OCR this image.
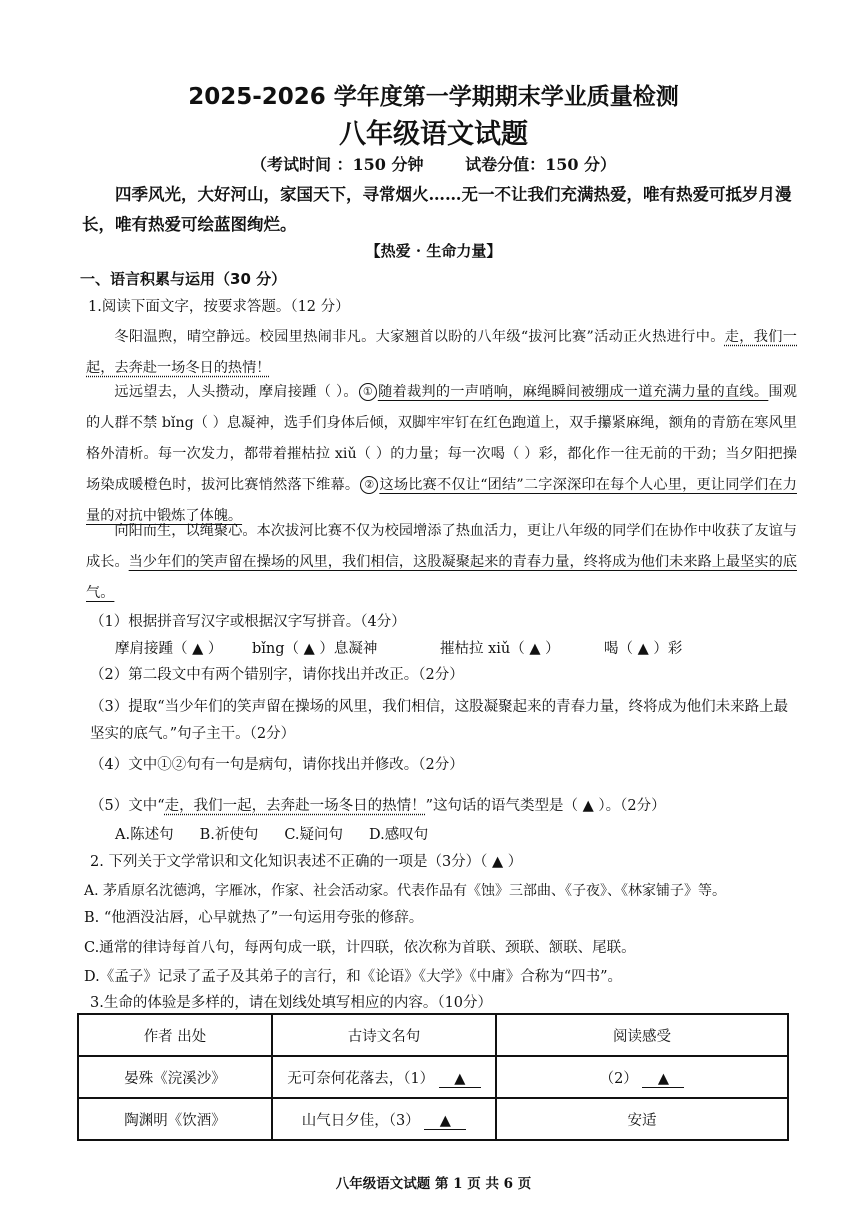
2025-2026 学年度第一学期期末学业质量检测
八年级语文试题
（考试时间 ：150 分钟	试卷分值：150 分）
四季风光，大好河山，家国天下，寻常烟火……无一不让我们充满热爱，唯有热爱可抵岁月漫长，唯有热爱可绘蓝图绚烂。
【热爱 · 生命力量】
一、语言积累与运用（30 分）
1.阅读下面文字，按要求答题。（12 分）
冬阳温煦，晴空静远。校园里热闹非凡。大家翘首以盼的八年级“拔河比赛”活动正火热进行中。走，我们一起，去奔赴一场冬日的热情！
远远望去，人头攒动，摩肩接踵（ ）。 ① 随着裁判的一声哨响，麻绳瞬间被绷成一道充满力量的直线。围观的人群不禁 bǐng（ ）息凝神，选手们身体后倾，双脚牢牢钉在红色跑道上，双手攥紧麻绳，额角的青筋在寒风里格外清析。每一次发力，都带着摧枯拉 xiǔ（ ）的力量；每一次喝（ ）彩，都化作一往无前的干劲；当夕阳把操场染成暖橙色时，拔河比赛悄然落下维幕。 ② 这场比赛不仅让“团结”二字深深印在每个人心里，更让同学们在力量的对抗中锻炼了体魄。
向阳而生，以绳聚心。本次拔河比赛不仅为校园增添了热血活力，更让八年级的同学们在协作中收获了友谊与成长。当少年们的笑声留在操场的风里，我们相信，这股凝聚起来的青春力量，终将成为他们未来路上最坚实的底气。
（1）根据拼音写汉字或根据汉字写拼音。（4分）
摩肩接踵（ ▲ ） bǐng（ ▲ ）息凝神	摧枯拉 xiǔ（ ▲ ）	喝（ ▲ ）彩
（2）第二段文中有两个错别字，请你找出并改正。（2分）
（3）提取“当少年们的笑声留在操场的风里，我们相信，这股凝聚起来的青春力量，终将成为他们未来路上最坚实的底气。”句子主干。（2分）
（4）文中①②句有一句是病句，请你找出并修改。（2分）
（5）文中“走，我们一起，去奔赴一场冬日的热情！”这句话的语气类型是（ ▲ ）。（2分）
A.陈述句 B.祈使句 C.疑问句 D.感叹句
2. 下列关于文学常识和文化知识表述不正确的一项是（3分）（ ▲ ）
A. 茅盾原名沈德鸿，字雁冰，作家、社会活动家。代表作品有《蚀》三部曲、《子夜》、《林家铺子》等。
B. “他酒没沾唇，心早就热了”一句运用夸张的修辞。
C.通常的律诗每首八句，每两句成一联，计四联，依次称为首联、颈联、颔联、尾联。
D.《孟子》记录了孟子及其弟子的言行，和《论语》《大学》《中庸》合称为“四书”。
3.生命的体验是多样的，请在划线处填写相应的内容。（10分）
作者 出处	古诗文名句	阅读感受
晏殊《浣溪沙》	无可奈何花落去，（1） ▲	（2） ▲
陶渊明《饮酒》	山气日夕佳，（3） ▲	安适
八年级语文试题 第 1 页 共 6 页
